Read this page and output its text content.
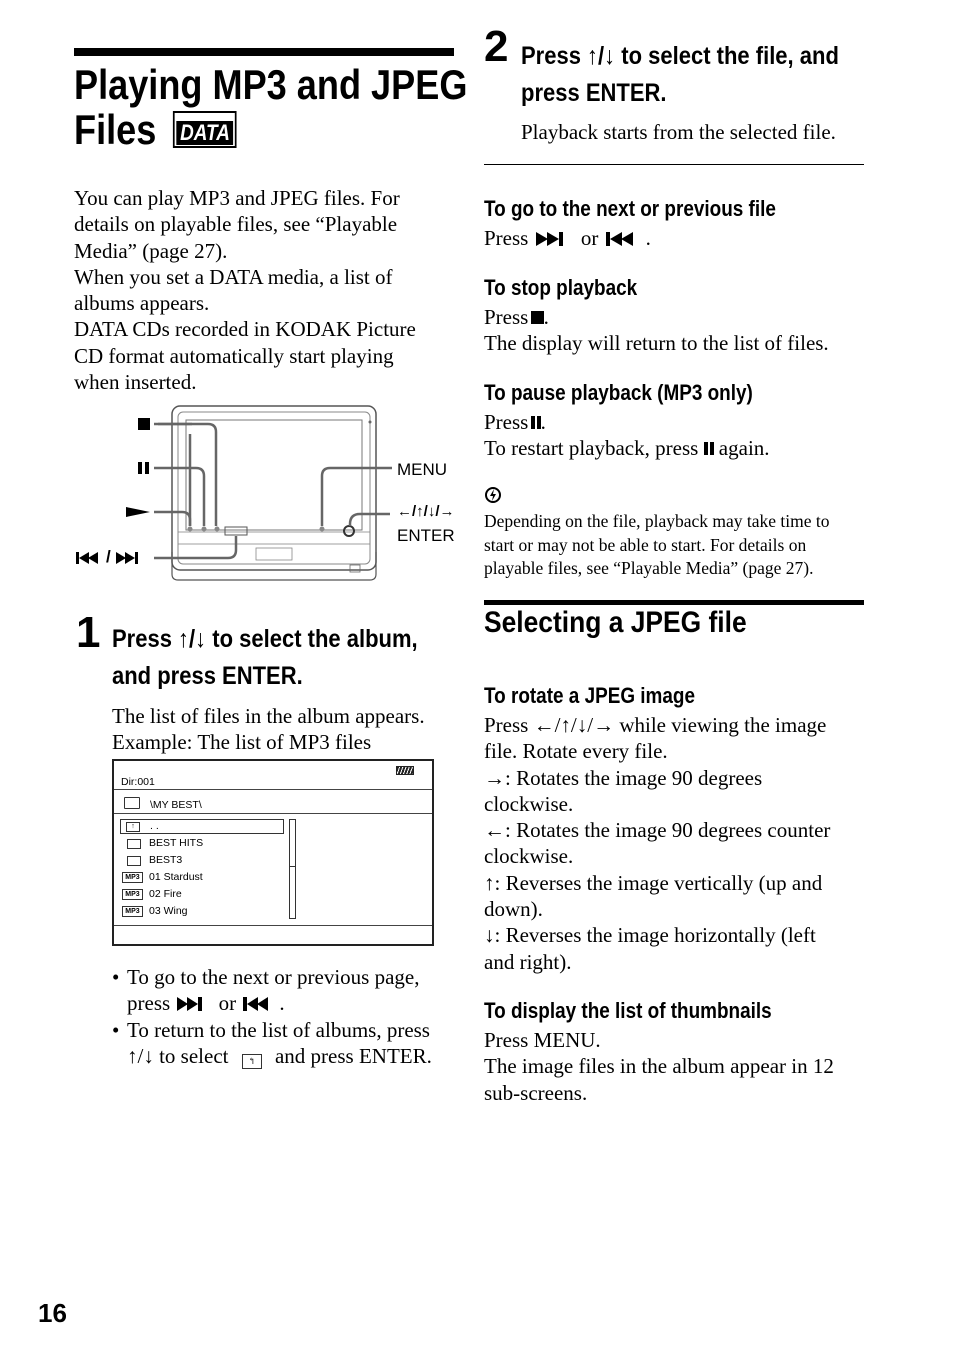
Playing MP3 and JPEG
Files DATA
You can play MP3 and JPEG files. For
details on playable files, see “Playable
Media” (page 27).
When you set a DATA media, a list of
albums appears.
DATA CDs recorded in KODAK Picture
CD format automatically start playing
when inserted.
/
MENU
←/↑/↓/→
ENTER
1 Press ↑/↓ to select the album,
and press ENTER.
The list of files in the album appears.
Example: The list of MP3 files
Dir:001
\MY BEST\
↑	. .
BEST HITS
BEST3
MP3 01 Stardust
MP3 02 Fire
MP3 03 Wing
• To go to the next or previous page,
press or .
• To return to the list of albums, press
↑/↓ to select ↰ and press ENTER.
2 Press ↑/↓ to select the file, and
press ENTER.
Playback starts from the selected file.
To go to the next or previous file
Press	or .
To stop playback
Press .
The display will return to the list of files.
To pause playback (MP3 only)
Press .
To restart playback, press again.
Depending on the file, playback may take time to
start or may not be able to start. For details on
playable files, see “Playable Media” (page 27).
Selecting a JPEG file
To rotate a JPEG image
Press ←/↑/↓/→ while viewing the image
file. Rotate every file.
→: Rotates the image 90 degrees
clockwise.
←: Rotates the image 90 degrees counter
clockwise.
↑: Reverses the image vertically (up and
down).
↓: Reverses the image horizontally (left
and right).
To display the list of thumbnails
Press MENU.
The image files in the album appear in 12
sub-screens.
16
